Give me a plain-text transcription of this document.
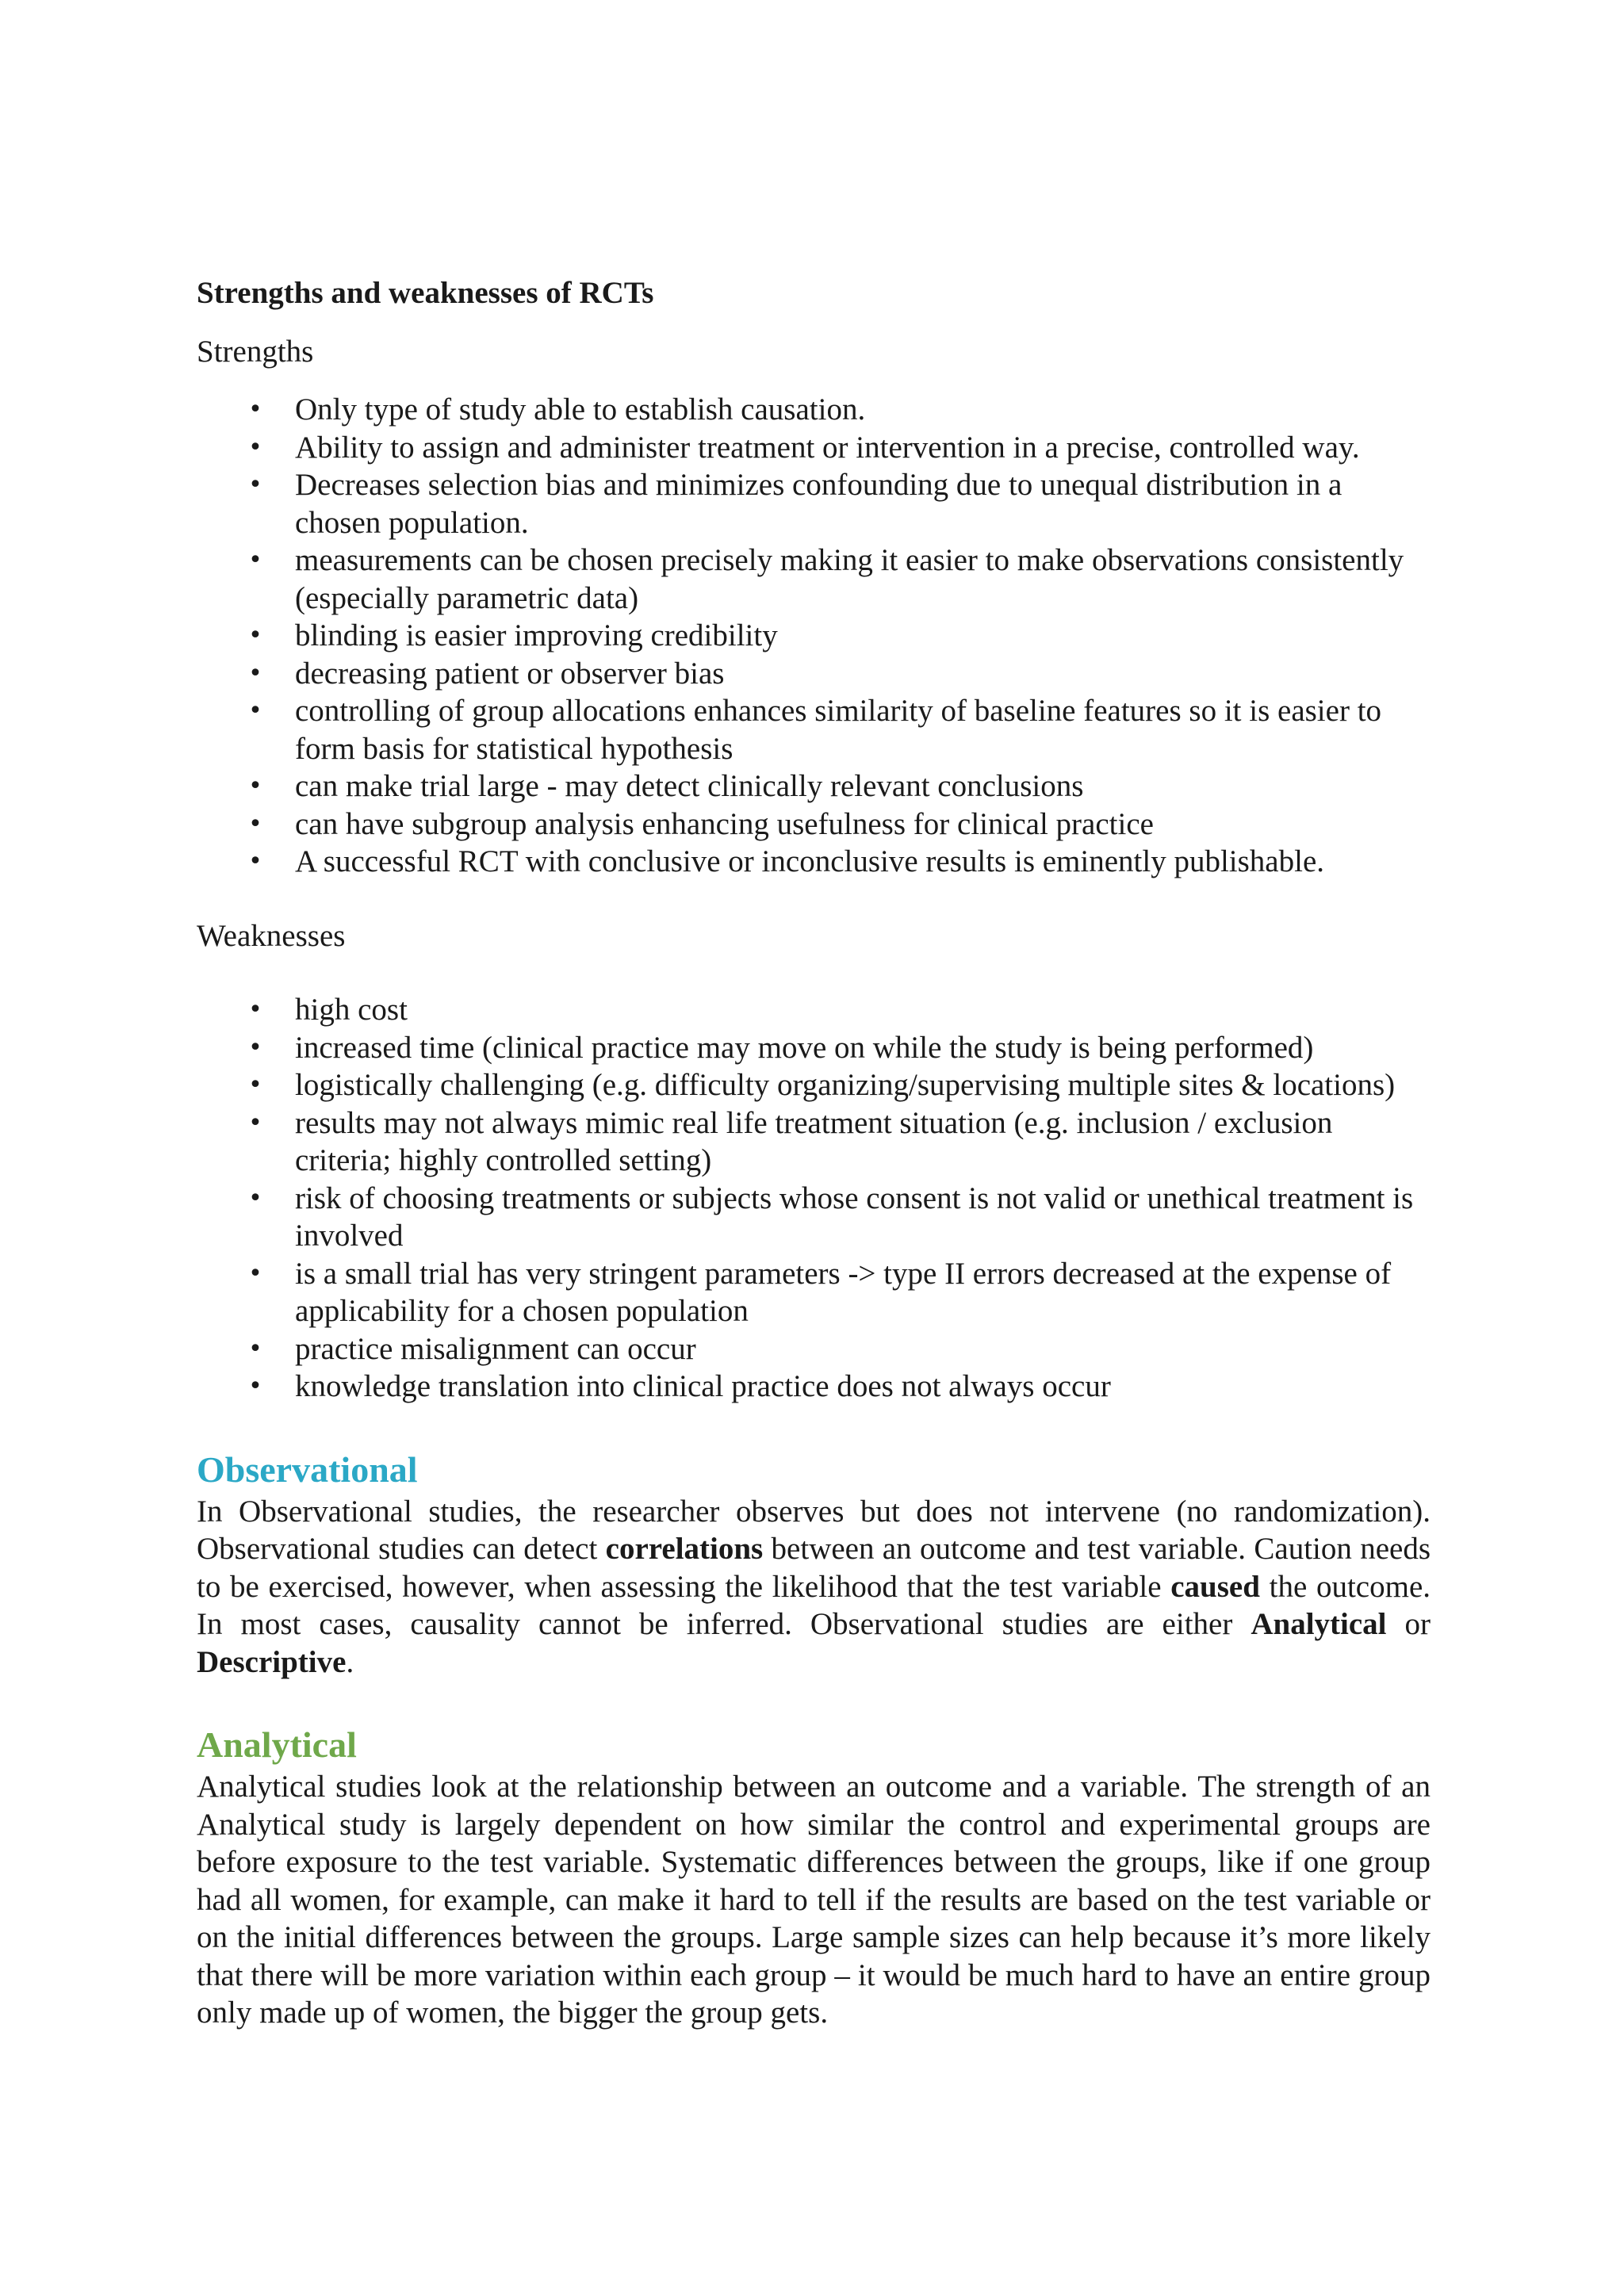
Strengths and weaknesses of RCTs
Strengths
• Only type of study able to establish causation.
• Ability to assign and administer treatment or intervention in a precise, controlled way.
• Decreases selection bias and minimizes confounding due to unequal distribution in a chosen population.
• measurements can be chosen precisely making it easier to make observations consistently (especially parametric data)
• blinding is easier improving credibility
• decreasing patient or observer bias
• controlling of group allocations enhances similarity of baseline features so it is easier to form basis for statistical hypothesis
• can make trial large - may detect clinically relevant conclusions
• can have subgroup analysis enhancing usefulness for clinical practice
• A successful RCT with conclusive or inconclusive results is eminently publishable.
Weaknesses
• high cost
• increased time (clinical practice may move on while the study is being performed)
• logistically challenging (e.g. difficulty organizing/supervising multiple sites & locations)
• results may not always mimic real life treatment situation (e.g. inclusion / exclusion criteria; highly controlled setting)
• risk of choosing treatments or subjects whose consent is not valid or unethical treatment is involved
• is a small trial has very stringent parameters -> type II errors decreased at the expense of applicability for a chosen population
• practice misalignment can occur
• knowledge translation into clinical practice does not always occur
Observational

In Observational studies, the researcher observes but does not intervene (no randomization). Observational studies can detect correlations between an outcome and test variable. Caution needs to be exercised, however, when assessing the likelihood that the test variable caused the outcome. In most cases, causality cannot be inferred. Observational studies are either Analytical or Descriptive.

Analytical

Analytical studies look at the relationship between an outcome and a variable. The strength of an Analytical study is largely dependent on how similar the control and experimental groups are before exposure to the test variable. Systematic differences between the groups, like if one group had all women, for example, can make it hard to tell if the results are based on the test variable or on the initial differences between the groups. Large sample sizes can help because it’s more likely that there will be more variation within each group – it would be much hard to have an entire group only made up of women, the bigger the group gets.
